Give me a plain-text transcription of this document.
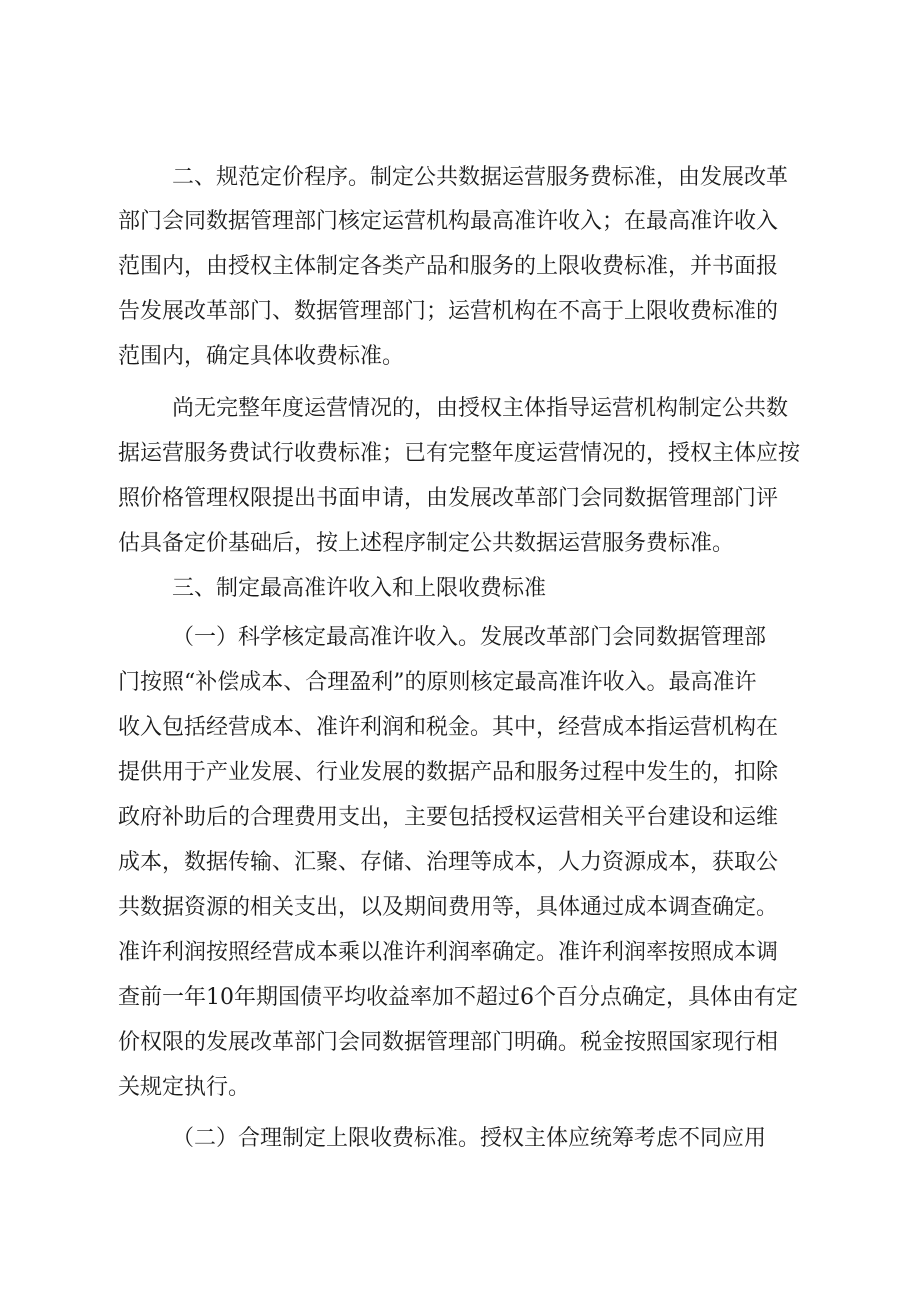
二、规范定价程序。制定公共数据运营服务费标准，由发展改革
部门会同数据管理部门核定运营机构最高准许收入；在最高准许收入
范围内，由授权主体制定各类产品和服务的上限收费标准，并书面报
告发展改革部门、数据管理部门；运营机构在不高于上限收费标准的
范围内，确定具体收费标准。
尚无完整年度运营情况的，由授权主体指导运营机构制定公共数
据运营服务费试行收费标准；已有完整年度运营情况的，授权主体应按
照价格管理权限提出书面申请，由发展改革部门会同数据管理部门评
估具备定价基础后，按上述程序制定公共数据运营服务费标准。
三、制定最高准许收入和上限收费标准
（一）科学核定最高准许收入。发展改革部门会同数据管理部
门按照“补偿成本、合理盈利”的原则核定最高准许收入。最高准许
收入包括经营成本、准许利润和税金。其中，经营成本指运营机构在
提供用于产业发展、行业发展的数据产品和服务过程中发生的，扣除
政府补助后的合理费用支出，主要包括授权运营相关平台建设和运维
成本，数据传输、汇聚、存储、治理等成本，人力资源成本，获取公
共数据资源的相关支出，以及期间费用等，具体通过成本调查确定。
准许利润按照经营成本乘以准许利润率确定。准许利润率按照成本调
查前一年10年期国债平均收益率加不超过6个百分点确定，具体由有定
价权限的发展改革部门会同数据管理部门明确。税金按照国家现行相
关规定执行。
（二）合理制定上限收费标准。授权主体应统筹考虑不同应用
